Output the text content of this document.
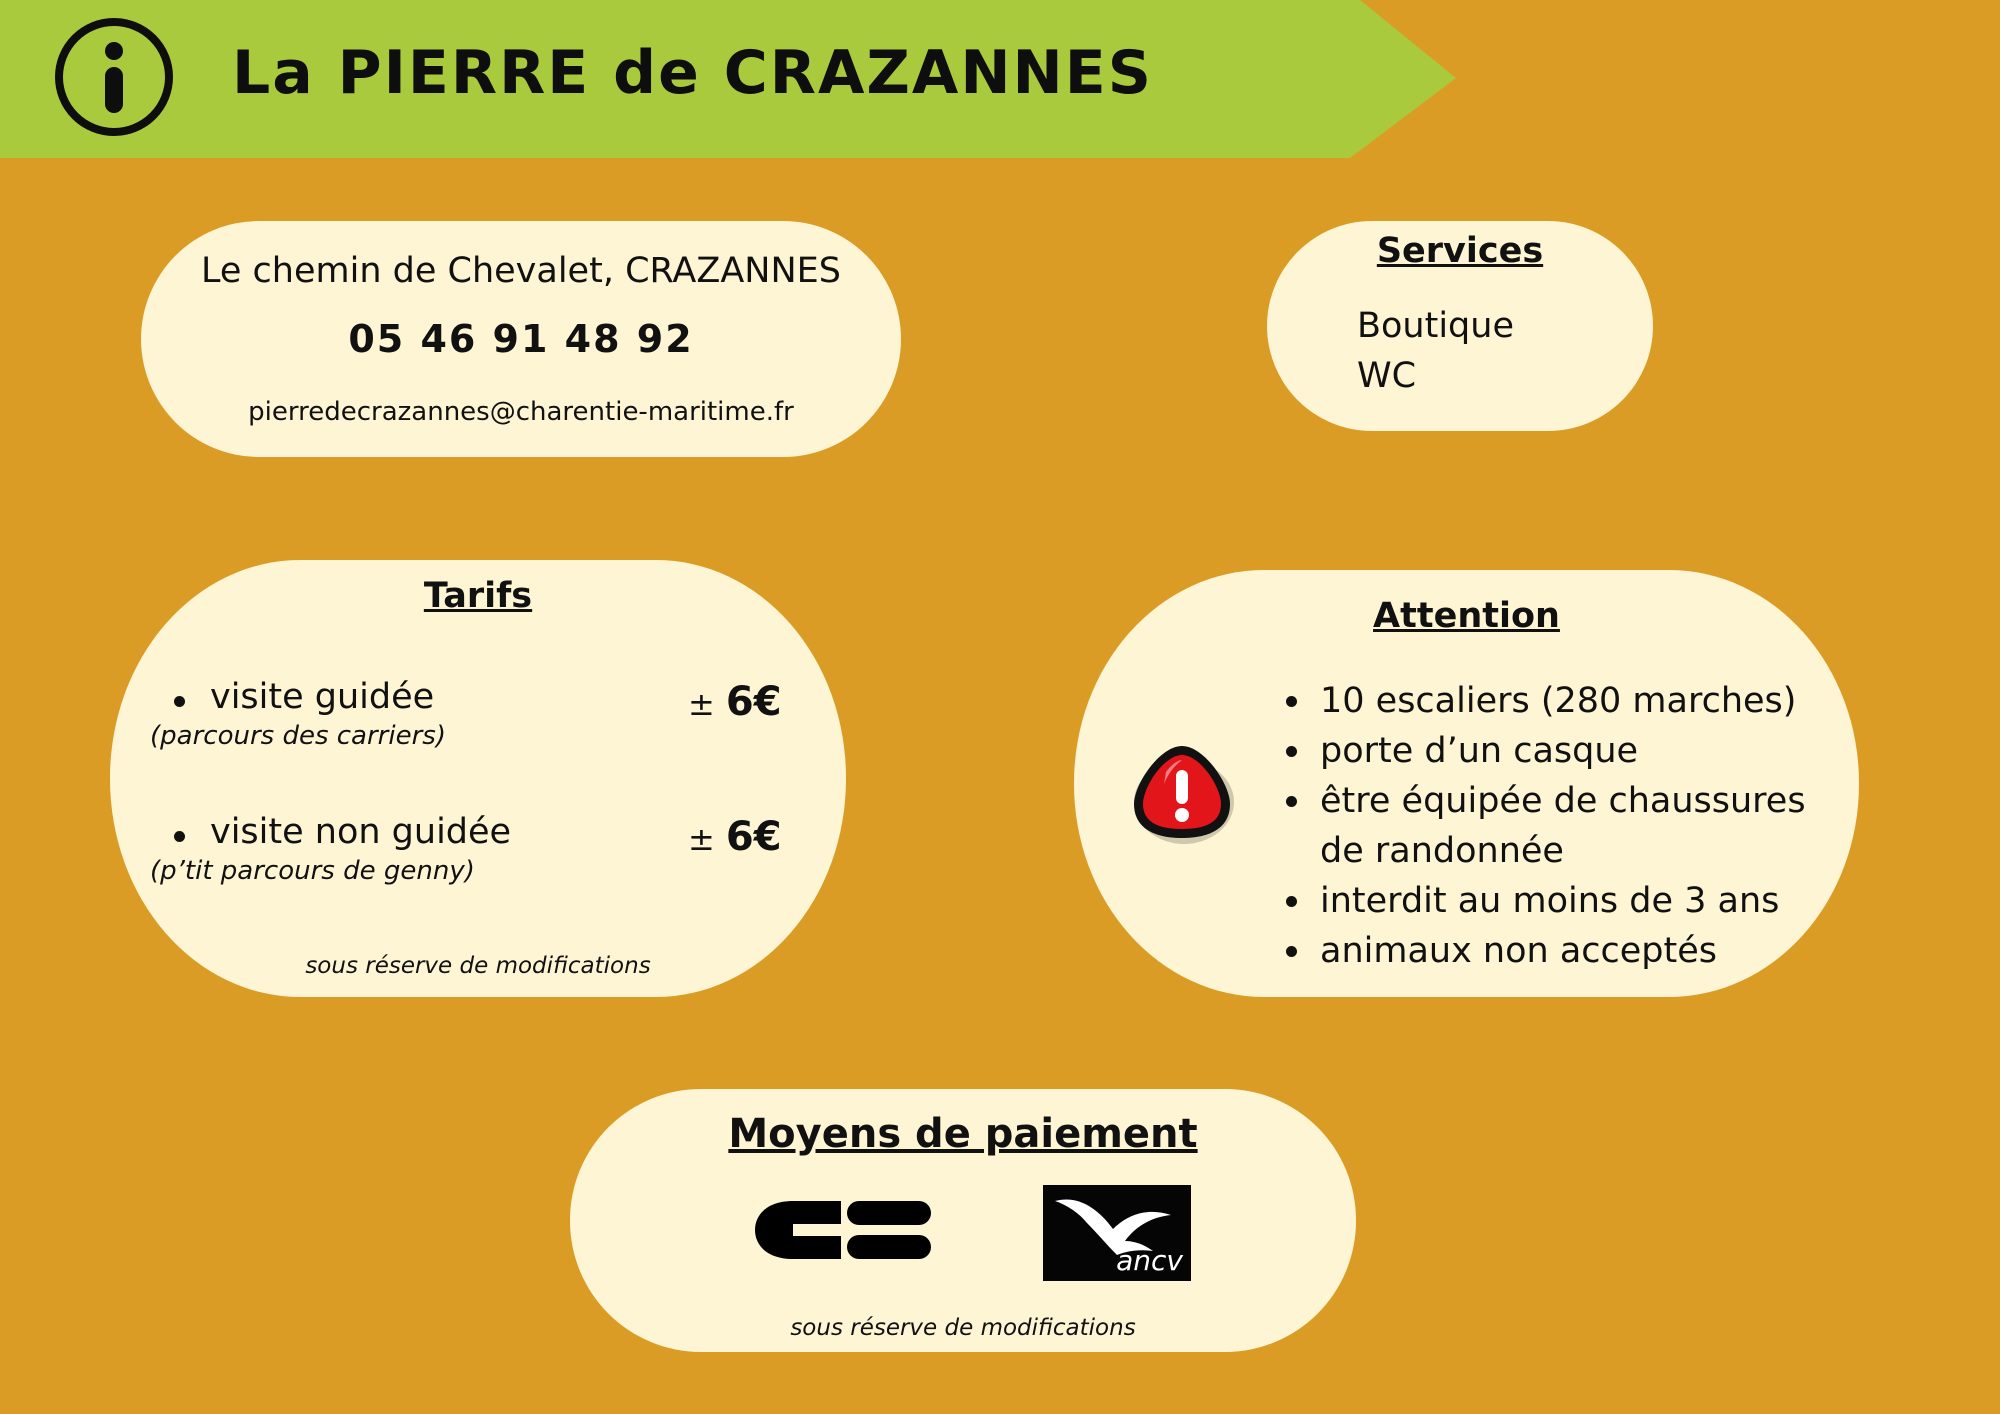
La PIERRE de CRAZANNES
Le chemin de Chevalet, CRAZANNES
05 46 91 48 92
pierredecrazannes@charentie-maritime.fr
Services
Boutique
WC
Tarifs
visite guidée
(parcours des carriers)
± 6€
visite non guidée
(p’tit parcours de genny)
± 6€
sous réserve de modifications
Attention
10 escaliers (280 marches)
porte d’un casque
être équipée de chaussures de randonnée
interdit au moins de 3 ans
animaux non acceptés
Moyens de paiement
ancv
sous réserve de modifications
